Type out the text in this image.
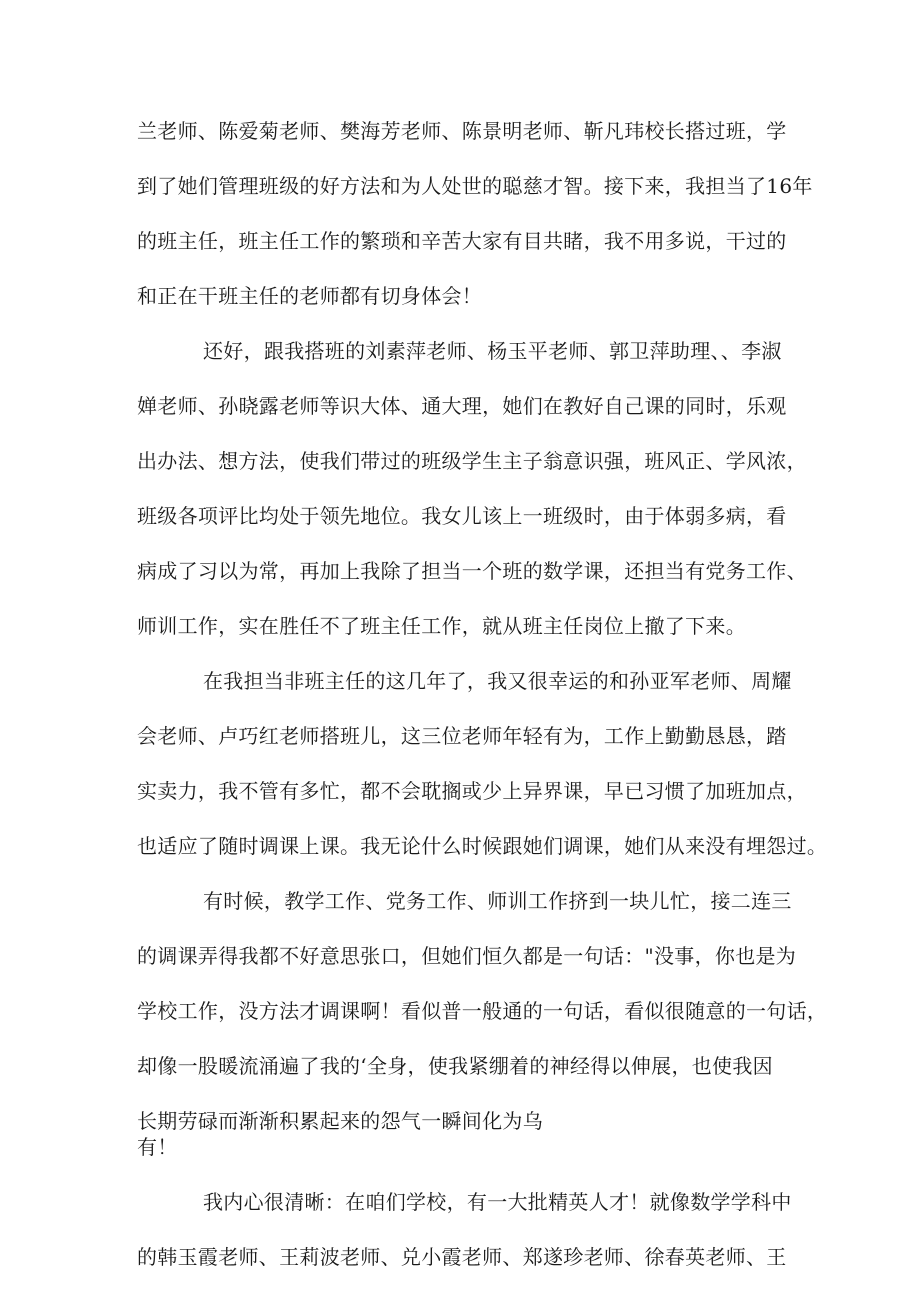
兰老师、陈爱菊老师、樊海芳老师、陈景明老师、靳凡玮校长搭过班，学
到了她们管理班级的好方法和为人处世的聪慈才智。接下来，我担当了16年
的班主任，班主任工作的繁琐和辛苦大家有目共睹，我不用多说，干过的
和正在干班主任的老师都有切身体会！
还好，跟我搭班的刘素萍老师、杨玉平老师、郭卫萍助理、、李淑
婵老师、孙晓露老师等识大体、通大理，她们在教好自己课的同时，乐观
出办法、想方法，使我们带过的班级学生主子翁意识强，班风正、学风浓，
班级各项评比均处于领先地位。我女儿该上一班级时，由于体弱多病，看
病成了习以为常，再加上我除了担当一个班的数学课，还担当有党务工作、
师训工作，实在胜任不了班主任工作，就从班主任岗位上撤了下来。
在我担当非班主任的这几年了，我又很幸运的和孙亚军老师、周耀
会老师、卢巧红老师搭班儿，这三位老师年轻有为，工作上勤勤恳恳，踏
实卖力，我不管有多忙，都不会耽搁或少上异界课，早已习惯了加班加点，
也适应了随时调课上课。我无论什么时候跟她们调课，她们从来没有埋怨过。
有时候，教学工作、党务工作、师训工作挤到一块儿忙，接二连三
的调课弄得我都不好意思张口，但她们恒久都是一句话："没事，你也是为
学校工作，没方法才调课啊！看似普一般通的一句话，看似很随意的一句话，
却像一股暖流涌遍了我的‘全身，使我紧绷着的神经得以伸展，也使我因
长期劳碌而渐渐积累起来的怨气一瞬间化为乌
有！
我内心很清晰：在咱们学校，有一大批精英人才！就像数学学科中
的韩玉霞老师、王莉波老师、兑小霞老师、郑遂珍老师、徐春英老师、王
